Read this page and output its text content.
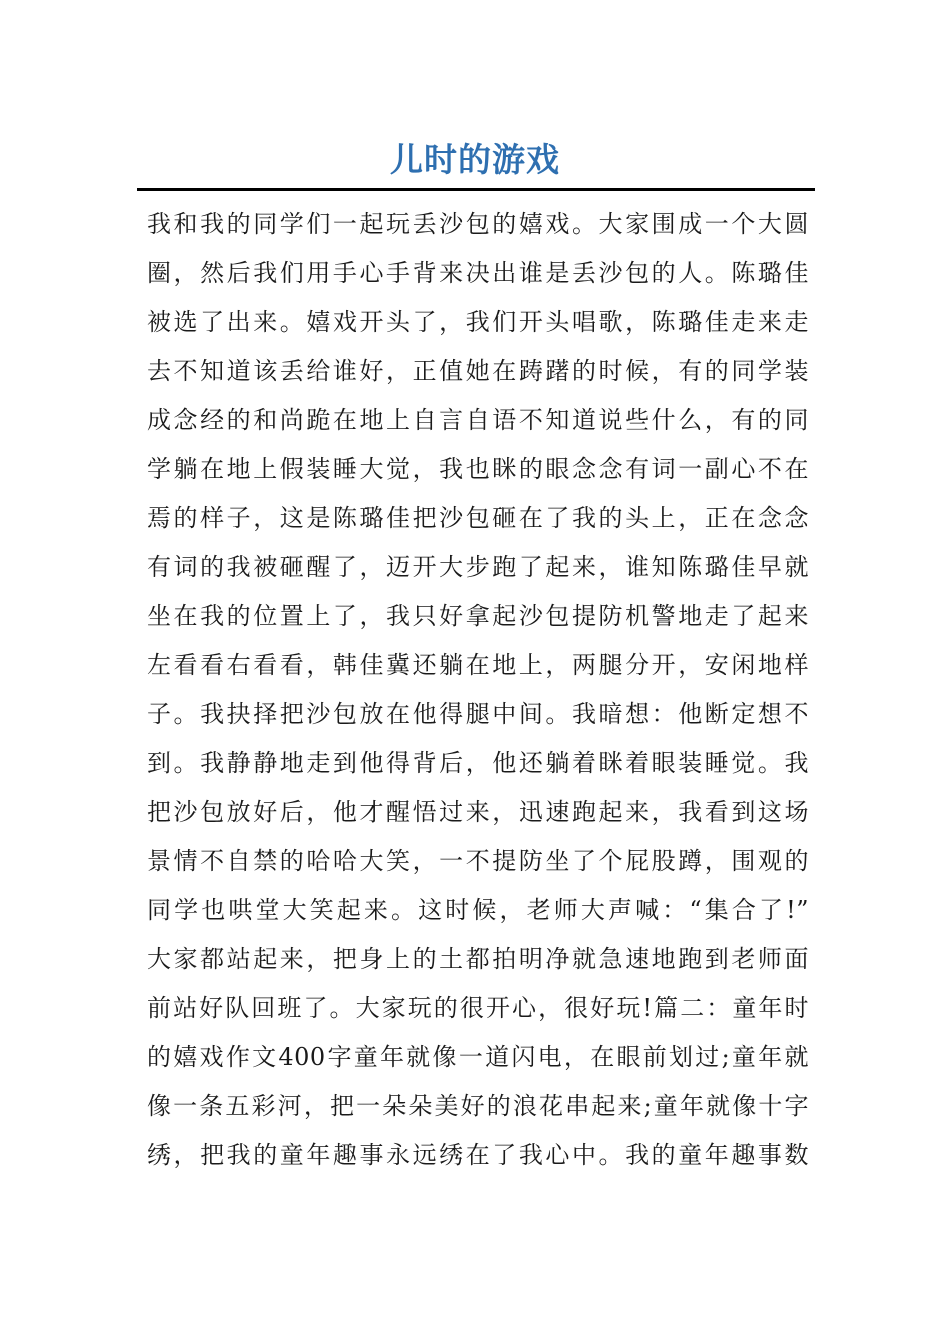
儿时的游戏
我和我的同学们一起玩丢沙包的嬉戏。大家围成一个大圆
圈，然后我们用手心手背来决出谁是丢沙包的人。陈璐佳
被选了出来。嬉戏开头了，我们开头唱歌，陈璐佳走来走
去不知道该丢给谁好，正值她在踌躇的时候，有的同学装
成念经的和尚跪在地上自言自语不知道说些什么，有的同
学躺在地上假装睡大觉，我也眯的眼念念有词一副心不在
焉的样子，这是陈璐佳把沙包砸在了我的头上，正在念念
有词的我被砸醒了，迈开大步跑了起来，谁知陈璐佳早就
坐在我的位置上了，我只好拿起沙包提防机警地走了起来
左看看右看看，韩佳冀还躺在地上，两腿分开，安闲地样
子。我抉择把沙包放在他得腿中间。我暗想：他断定想不
到。我静静地走到他得背后，他还躺着眯着眼装睡觉。我
把沙包放好后，他才醒悟过来，迅速跑起来，我看到这场
景情不自禁的哈哈大笑，一不提防坐了个屁股蹲，围观的
同学也哄堂大笑起来。这时候，老师大声喊：“集合了!”
大家都站起来，把身上的土都拍明净就急速地跑到老师面
前站好队回班了。大家玩的很开心，很好玩!篇二：童年时
的嬉戏作文400字童年就像一道闪电，在眼前划过;童年就
像一条五彩河，把一朵朵美好的浪花串起来;童年就像十字
绣，把我的童年趣事永远绣在了我心中。我的童年趣事数
